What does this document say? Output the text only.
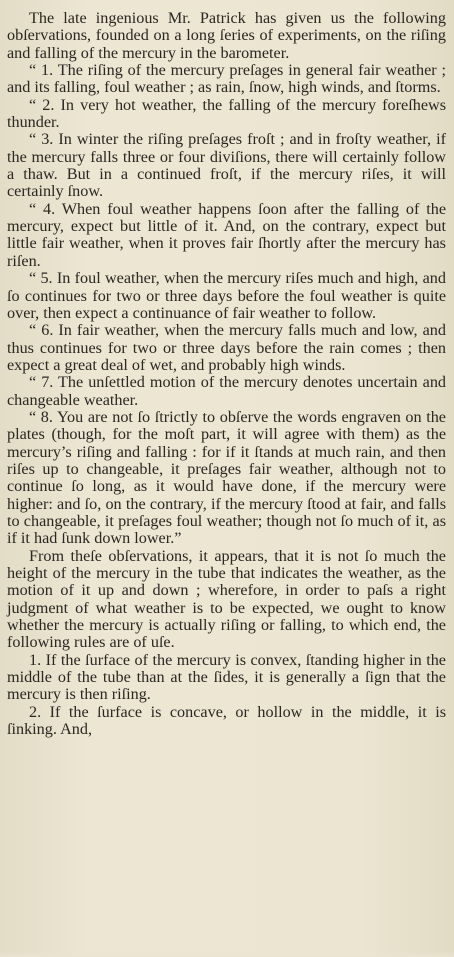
The late ingenious Mr. Patrick has given us the following obſervations, founded on a long ſeries of experiments, on the riſing and falling of the mercury in the barometer.

“ 1. The riſing of the mercury preſages in general fair weather ; and its falling, foul weather ; as rain, ſnow, high winds, and ſtorms.

“ 2. In very hot weather, the falling of the mercury foreſhews thunder.

“ 3. In winter the riſing preſages froſt ; and in froſty weather, if the mercury falls three or four diviſions, there will certainly follow a thaw. But in a continued froſt, if the mercury riſes, it will certainly ſnow.

“ 4. When foul weather happens ſoon after the falling of the mercury, expect but little of it. And, on the contrary, expect but little fair weather, when it proves fair ſhortly after the mercury has riſen.

“ 5. In foul weather, when the mercury riſes much and high, and ſo continues for two or three days before the foul weather is quite over, then expect a continuance of fair weather to follow.

“ 6. In fair weather, when the mercury falls much and low, and thus continues for two or three days before the rain comes ; then expect a great deal of wet, and probably high winds.

“ 7. The unſettled motion of the mercury denotes uncertain and changeable weather.

“ 8. You are not ſo ſtrictly to obſerve the words engraven on the plates (though, for the moſt part, it will agree with them) as the mercury’s riſing and falling : for if it ſtands at much rain, and then riſes up to changeable, it preſages fair weather, although not to continue ſo long, as it would have done, if the mercury were higher: and ſo, on the contrary, if the mercury ſtood at fair, and falls to changeable, it preſages foul weather; though not ſo much of it, as if it had ſunk down lower.”

From theſe obſervations, it appears, that it is not ſo much the height of the mercury in the tube that indicates the weather, as the motion of it up and down ; wherefore, in order to paſs a right judgment of what weather is to be expected, we ought to know whether the mercury is actually riſing or falling, to which end, the following rules are of uſe.

1. If the ſurface of the mercury is convex, ſtanding higher in the middle of the tube than at the ſides, it is generally a ſign that the mercury is then riſing.

2. If the ſurface is concave, or hollow in the middle, it is ſinking. And,
